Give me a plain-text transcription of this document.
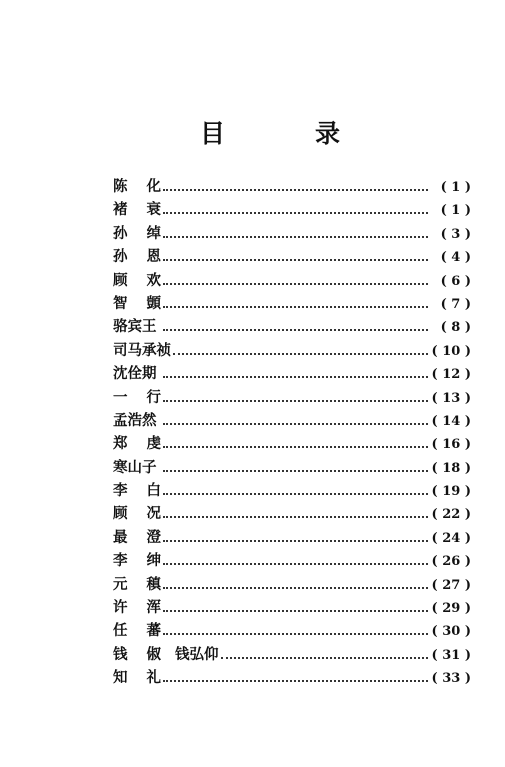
目	录
陈 化	( 1 )
褚 衰	( 1 )
孙 绰	( 3 )
孙 恩	( 4 )
顾 欢	( 6 )
智 顗	( 7 )
骆宾王	( 8 )
司马承祯	( 10 )
沈佺期	( 12 )
一 行	( 13 )
孟浩然	( 14 )
郑 虔	( 16 )
寒山子	( 18 )
李 白	( 19 )
顾 况	( 22 )
最 澄	( 24 )
李 绅	( 26 )
元 稹	( 27 )
许 浑	( 29 )
任 蕃	( 30 )
钱 俶 钱弘仰	( 31 )
知 礼	( 33 )
